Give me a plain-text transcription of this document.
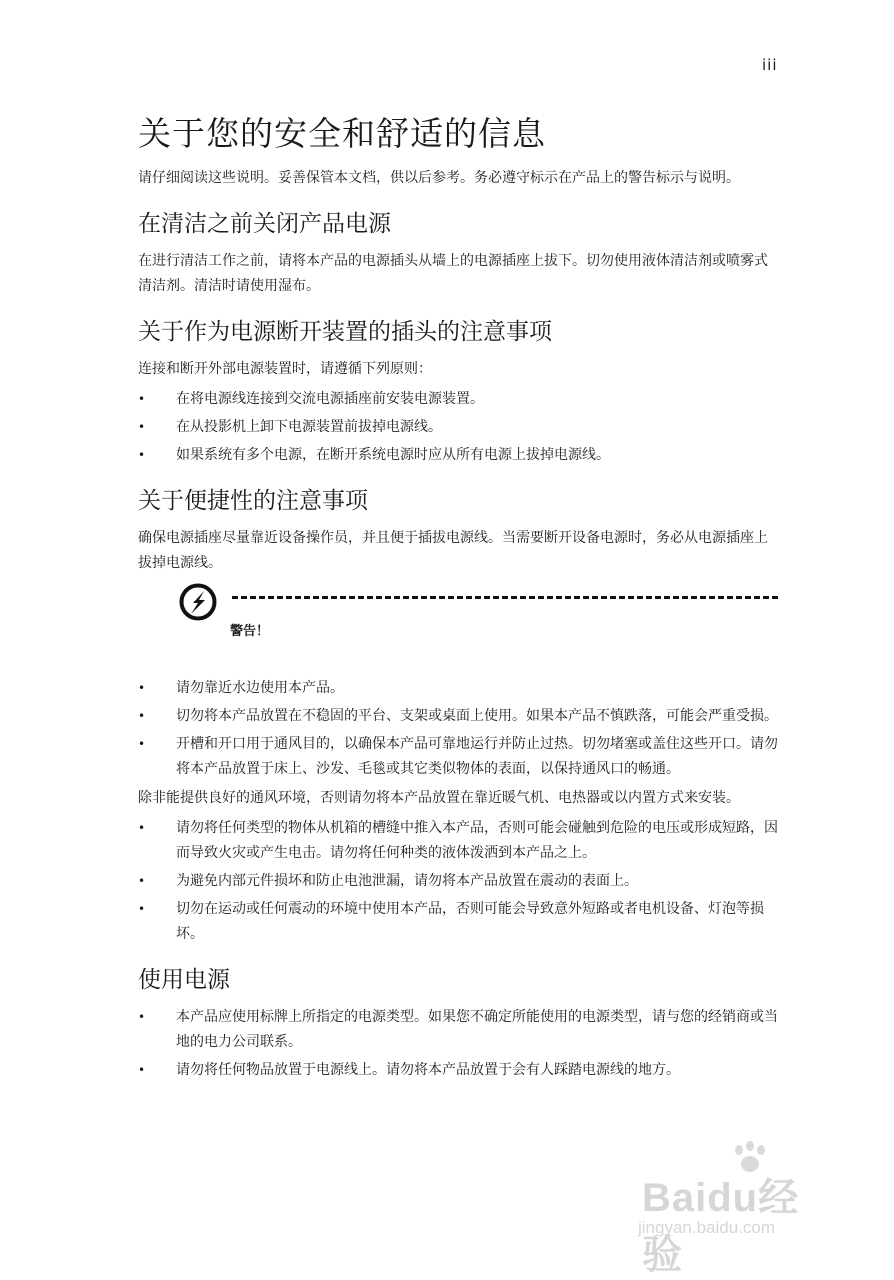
iii
关于您的安全和舒适的信息

请仔细阅读这些说明。妥善保管本文档，供以后参考。务必遵守标示在产品上的警告标示与说明。

在清洁之前关闭产品电源

在进行清洁工作之前，请将本产品的电源插头从墙上的电源插座上拔下。切勿使用液体清洁剂或喷雾式清洁剂。清洁时请使用湿布。

关于作为电源断开装置的插头的注意事项

连接和断开外部电源装置时，请遵循下列原则：

•	在将电源线连接到交流电源插座前安装电源装置。
•	在从投影机上卸下电源装置前拔掉电源线。
•	如果系统有多个电源，在断开系统电源时应从所有电源上拔掉电源线。
关于便捷性的注意事项

确保电源插座尽量靠近设备操作员，并且便于插拔电源线。当需要断开设备电源时，务必从电源插座上拔掉电源线。

警告！
•	请勿靠近水边使用本产品。
•	切勿将本产品放置在不稳固的平台、支架或桌面上使用。如果本产品不慎跌落，可能会严重受损。
•	开槽和开口用于通风目的，以确保本产品可靠地运行并防止过热。切勿堵塞或盖住这些开口。请勿将本产品放置于床上、沙发、毛毯或其它类似物体的表面，以保持通风口的畅通。

除非能提供良好的通风环境，否则请勿将本产品放置在靠近暖气机、电热器或以内置方式来安装。

•	请勿将任何类型的物体从机箱的槽缝中推入本产品，否则可能会碰触到危险的电压或形成短路，因而导致火灾或产生电击。请勿将任何种类的液体泼洒到本产品之上。
•	为避免内部元件损坏和防止电池泄漏，请勿将本产品放置在震动的表面上。
•	切勿在运动或任何震动的环境中使用本产品，否则可能会导致意外短路或者电机设备、灯泡等损坏。
使用电源
•	本产品应使用标牌上所指定的电源类型。如果您不确定所能使用的电源类型，请与您的经销商或当地的电力公司联系。
•	请勿将任何物品放置于电源线上。请勿将本产品放置于会有人踩踏电源线的地方。
Baidu经验
jingyan.baidu.com
